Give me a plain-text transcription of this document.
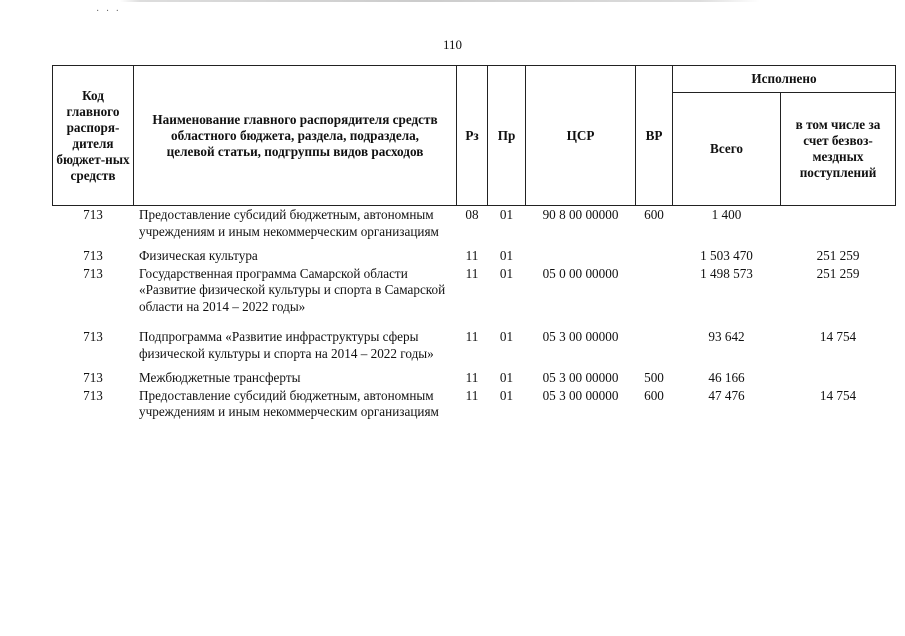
· · ·
110
Код главного распоря-дителя бюджет-ных средств	Наименование главного распорядителя средств областного бюджета, раздела, подраздела, целевой статьи, подгруппы видов расходов	Рз	Пр	ЦСР	ВР	Исполнено	
						Всего	в том числе за счет безвоз-мездных поступлений
713	Предоставление субсидий бюджетным, автономным учреждениям и иным некоммерческим организациям	08	01	90 8 00 00000	600	1 400	

713	Физическая культура	11	01			1 503 470	251 259
713	Государственная программа Самарской области «Развитие физической культуры и спорта в Самарской области на 2014 – 2022 годы»	11	01	05 0 00 00000		1 498 573	251 259

713	Подпрограмма «Развитие инфраструктуры сферы физической культуры и спорта на 2014 – 2022 годы»	11	01	05 3 00 00000		93 642	14 754

713	Межбюджетные трансферты	11	01	05 3 00 00000	500	46 166	
713	Предоставление субсидий бюджетным, автономным учреждениям и иным некоммерческим организациям	11	01	05 3 00 00000	600	47 476	14 754
